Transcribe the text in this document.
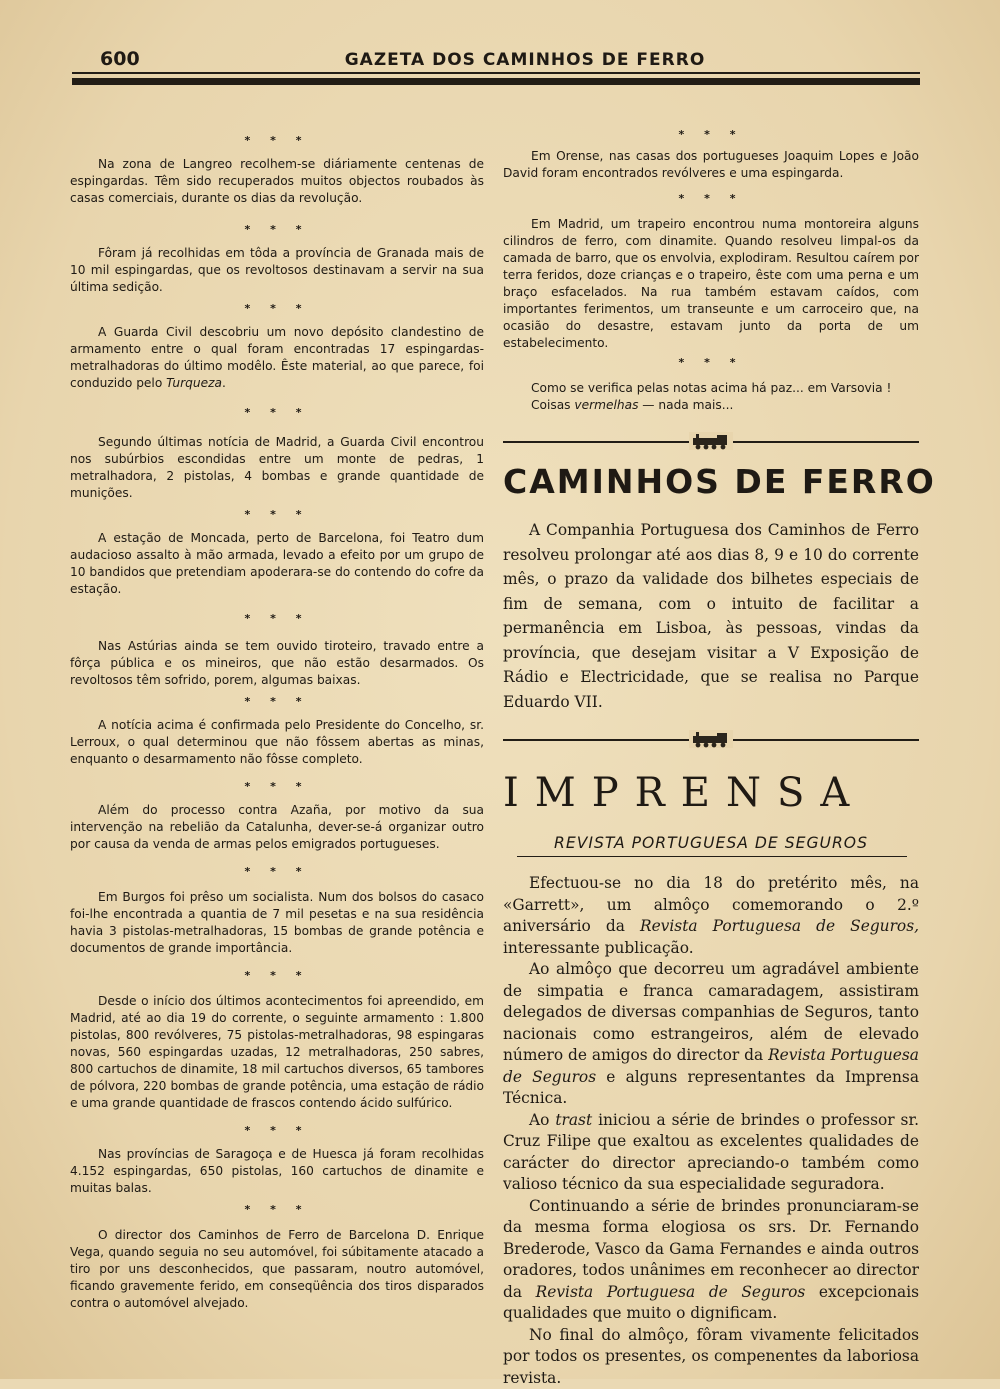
600	GAZETA DOS CAMINHOS DE FERRO
* * *

Na zona de Langreo recolhem-se diáriamente centenas de espingardas. Têm sido recuperados muitos objectos roubados às casas comerciais, durante os dias da revolução.

* * *

Fôram já recolhidas em tôda a província de Granada mais de 10 mil espingardas, que os revoltosos destinavam a servir na sua última sedição.

* * *

A Guarda Civil descobriu um novo depósito clandestino de armamento entre o qual foram encontradas 17 espingardas-metralhadoras do último modêlo. Êste material, ao que parece, foi conduzido pelo Turqueza.

* * *

Segundo últimas notícia de Madrid, a Guarda Civil encontrou nos subúrbios escondidas entre um monte de pedras, 1 metralhadora, 2 pistolas, 4 bombas e grande quantidade de munições.

* * *

A estação de Moncada, perto de Barcelona, foi Teatro dum audacioso assalto à mão armada, levado a efeito por um grupo de 10 bandidos que pretendiam apoderara-se do contendo do cofre da estação.

* * *

Nas Astúrias ainda se tem ouvido tiroteiro, travado entre a fôrça pública e os mineiros, que não estão desarmados. Os revoltosos têm sofrido, porem, algumas baixas.

* * *

A notícia acima é confirmada pelo Presidente do Concelho, sr. Lerroux, o qual determinou que não fôssem abertas as minas, enquanto o desarmamento não fôsse completo.

* * *

Além do processo contra Azaña, por motivo da sua intervenção na rebelião da Catalunha, dever-se-á organizar outro por causa da venda de armas pelos emigrados portugueses.

* * *

Em Burgos foi prêso um socialista. Num dos bolsos do casaco foi-lhe encontrada a quantia de 7 mil pesetas e na sua residência havia 3 pistolas-metralhadoras, 15 bombas de grande potência e documentos de grande importância.

* * *

Desde o início dos últimos acontecimentos foi apreendido, em Madrid, até ao dia 19 do corrente, o seguinte armamento : 1.800 pistolas, 800 revólveres, 75 pistolas-metralhadoras, 98 espingaras novas, 560 espingardas uzadas, 12 metralhadoras, 250 sabres, 800 cartuchos de dinamite, 18 mil cartuchos diversos, 65 tambores de pólvora, 220 bombas de grande potência, uma estação de rádio e uma grande quantidade de frascos contendo ácido sulfúrico.

* * *

Nas províncias de Saragoça e de Huesca já foram recolhidas 4.152 espingardas, 650 pistolas, 160 cartuchos de dinamite e muitas balas.

* * *

O director dos Caminhos de Ferro de Barcelona D. Enrique Vega, quando seguia no seu automóvel, foi súbitamente atacado a tiro por uns desconhecidos, que passaram, noutro automóvel, ficando gravemente ferido, em conseqüência dos tiros disparados contra o automóvel alvejado.

* * *

Em Orense, nas casas dos portugueses Joaquim Lopes e João David foram encontrados revólveres e uma espingarda.

* * *

Em Madrid, um trapeiro encontrou numa montoreira alguns cilindros de ferro, com dinamite. Quando resolveu limpal-os da camada de barro, que os envolvia, explodiram. Resultou caírem por terra feridos, doze crianças e o trapeiro, êste com uma perna e um braço esfacelados. Na rua também estavam caídos, com importantes ferimentos, um transeunte e um carroceiro que, na ocasião do desastre, estavam junto da porta de um estabelecimento.

* * *

Como se verifica pelas notas acima há paz... em Varsovia !

Coisas vermelhas — nada mais...

CAMINHOS DE FERRO

A Companhia Portuguesa dos Caminhos de Ferro resolveu prolongar até aos dias 8, 9 e 10 do corrente mês, o prazo da validade dos bilhetes especiais de fim de semana, com o intuito de facilitar a permanência em Lisboa, às pessoas, vindas da província, que desejam visitar a V Exposição de Rádio e Electricidade, que se realisa no Parque Eduardo VII.

IMPRENSA
REVISTA PORTUGUESA DE SEGUROS

Efectuou-se no dia 18 do pretérito mês, na «Garrett», um almôço comemorando o 2.º aniversário da Revista Portuguesa de Seguros, interessante publicação.

Ao almôço que decorreu um agradável ambiente de simpatia e franca camaradagem, assistiram delegados de diversas companhias de Seguros, tanto nacionais como estrangeiros, além de elevado número de amigos do director da Revista Portuguesa de Seguros e alguns representantes da Imprensa Técnica.

Ao trast iniciou a série de brindes o professor sr. Cruz Filipe que exaltou as excelentes qualidades de carácter do director apreciando-o também como valioso técnico da sua especialidade seguradora.

Continuando a série de brindes pronunciaram-se da mesma forma elogiosa os srs. Dr. Fernando Brederode, Vasco da Gama Fernandes e ainda outros oradores, todos unânimes em reconhecer ao director da Revista Portuguesa de Seguros excepcionais qualidades que muito o dignificam.

No final do almôço, fôram vivamente felicitados por todos os presentes, os compenentes da laboriosa revista.
